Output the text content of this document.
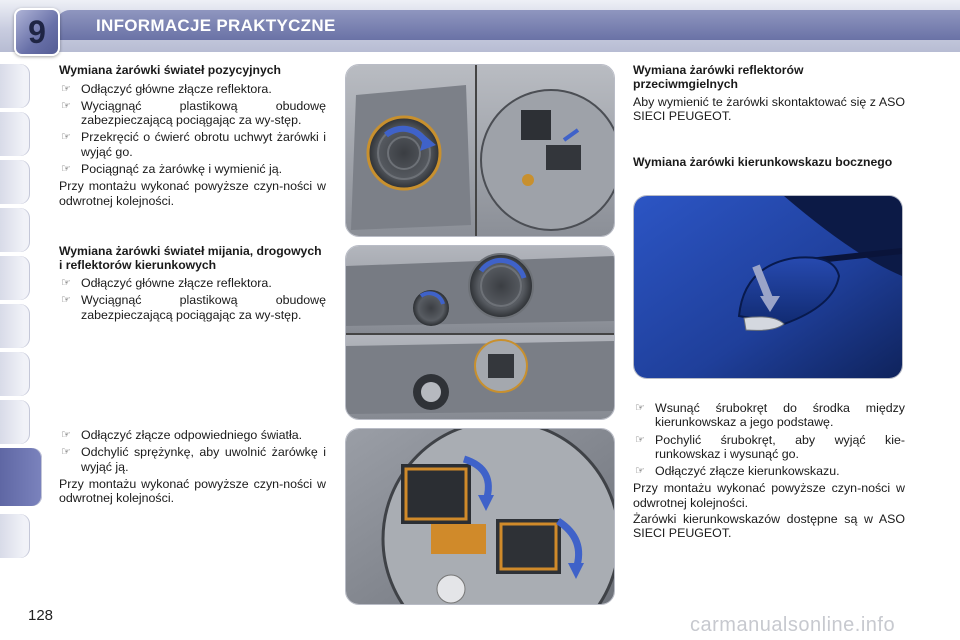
INFORMACJE PRAKTYCZNE
9
Wymiana żarówki świateł pozycyjnych
☞ Odłączyć główne złącze reflektora.
☞ Wyciągnąć plastikową obudowę zabezpieczającą pociągając za wy-stęp.
☞ Przekręcić o ćwierć obrotu uchwyt żarówki i wyjąć go.
☞ Pociągnąć za żarówkę i wymienić ją.

Przy montażu wykonać powyższe czyn-ności w odwrotnej kolejności.

Wymiana żarówki świateł mijania, drogowych i reflektorów kierunkowych
☞ Odłączyć główne złącze reflektora.
☞ Wyciągnąć plastikową obudowę zabezpieczającą pociągając za wy-stęp.
☞ Odłączyć złącze odpowiedniego światła.
☞ Odchylić sprężynkę, aby uwolnić żarówkę i wyjąć ją.

Przy montażu wykonać powyższe czyn-ności w odwrotnej kolejności.

Wymiana żarówki reflektorów przeciwmgielnych

Aby wymienić te żarówki skontaktować się z ASO SIECI PEUGEOT.

Wymiana żarówki kierunkowskazu bocznego
☞ Wsunąć śrubokręt do środka między kierunkowskaz a jego podstawę.
☞ Pochylić śrubokręt, aby wyjąć kie-runkowskaz i wysunąć go.
☞ Odłączyć złącze kierunkowskazu.

Przy montażu wykonać powyższe czyn-ności w odwrotnej kolejności.

Żarówki kierunkowskazów dostępne są w ASO SIECI PEUGEOT.

128	carmanualsonline.info
